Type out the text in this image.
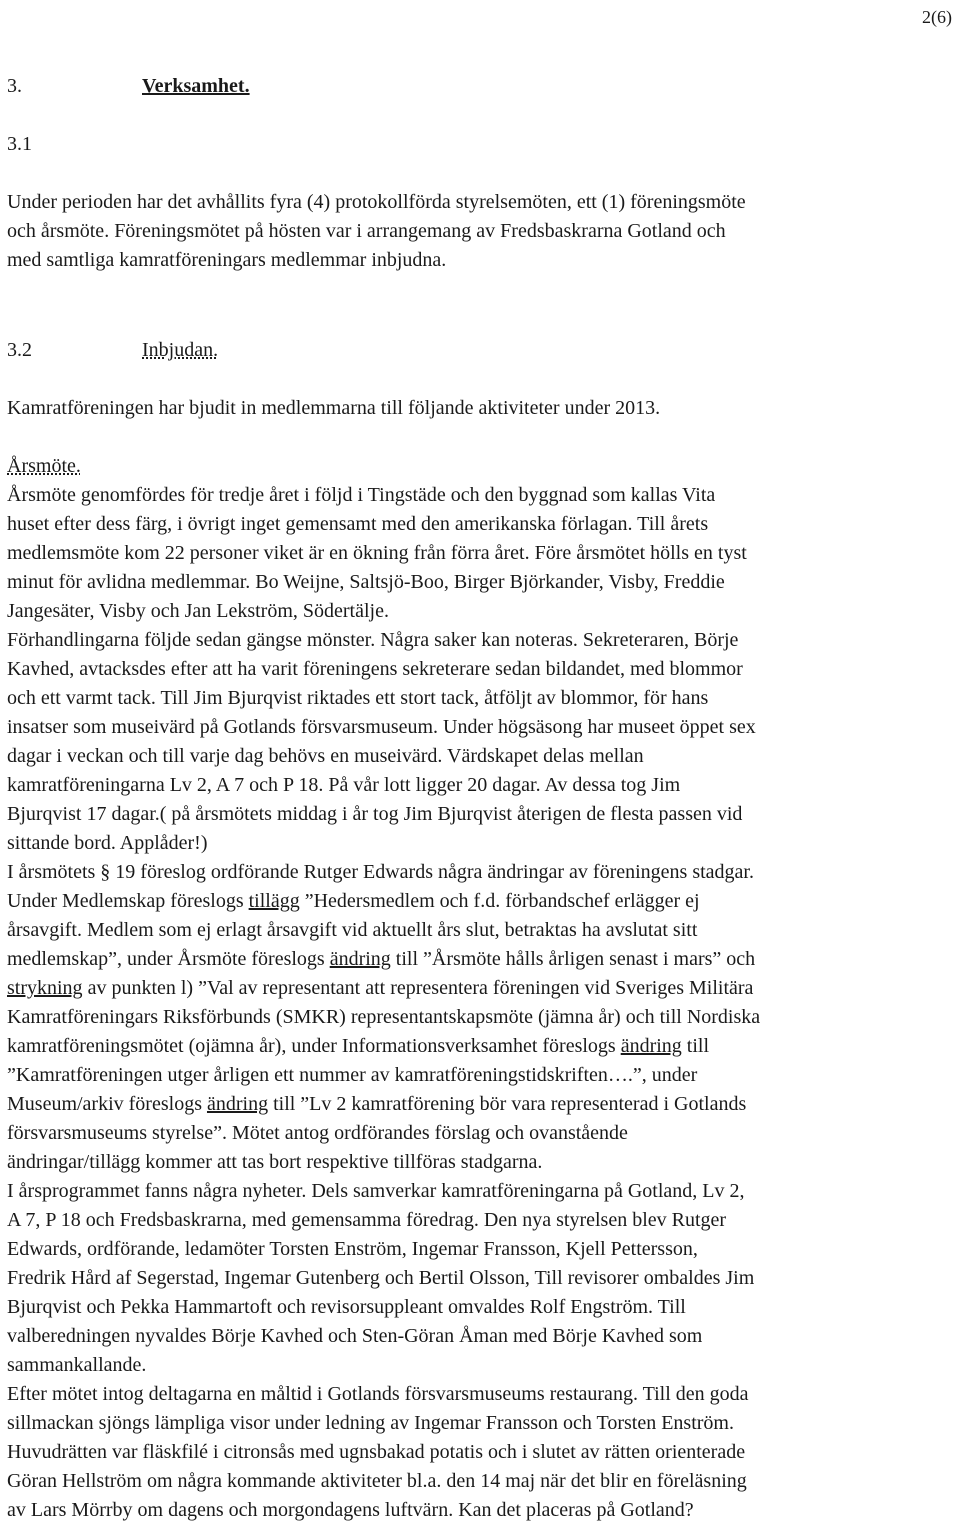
2(6)
3.	Verksamhet.
3.1
Under perioden har det avhållits fyra (4) protokollförda styrelsemöten, ett (1) föreningsmöte
och årsmöte. Föreningsmötet på hösten var i arrangemang av Fredsbaskrarna Gotland och
med samtliga kamratföreningars medlemmar inbjudna.
3.2	Inbjudan.
Kamratföreningen har bjudit in medlemmarna till följande aktiviteter under 2013.
Årsmöte.
Årsmöte genomfördes för tredje året i följd i Tingstäde och den byggnad som kallas Vita
huset efter dess färg, i övrigt inget gemensamt med den amerikanska förlagan. Till årets
medlemsmöte kom 22 personer viket är en ökning från förra året. Före årsmötet hölls en tyst
minut för avlidna medlemmar. Bo Weijne, Saltsjö-Boo, Birger Björkander, Visby, Freddie
Jangesäter, Visby och Jan Lekström, Södertälje.
Förhandlingarna följde sedan gängse mönster. Några saker kan noteras. Sekreteraren, Börje
Kavhed, avtacksdes efter att ha varit föreningens sekreterare sedan bildandet, med blommor
och ett varmt tack. Till Jim Bjurqvist riktades ett stort tack, åtföljt av blommor, för hans
insatser som museivärd på Gotlands försvarsmuseum. Under högsäsong har museet öppet sex
dagar i veckan och till varje dag behövs en museivärd. Värdskapet delas mellan
kamratföreningarna Lv 2, A 7 och P 18. På vår lott ligger 20 dagar. Av dessa tog Jim
Bjurqvist 17 dagar.( på årsmötets middag i år tog Jim Bjurqvist återigen de flesta passen vid
sittande bord. Applåder!)
I årsmötets § 19 föreslog ordförande Rutger Edwards några ändringar av föreningens stadgar.
Under Medlemskap föreslogs tillägg ”Hedersmedlem och f.d. förbandschef erlägger ej
årsavgift. Medlem som ej erlagt årsavgift vid aktuellt års slut, betraktas ha avslutat sitt
medlemskap”, under Årsmöte föreslogs ändring till ”Årsmöte hålls årligen senast i mars” och
strykning av punkten l) ”Val av representant att representera föreningen vid Sveriges Militära
Kamratföreningars Riksförbunds (SMKR) representantskapsmöte (jämna år) och till Nordiska
kamratföreningsmötet (ojämna år), under Informationsverksamhet föreslogs ändring till
”Kamratföreningen utger årligen ett nummer av kamratföreningstidskriften….”, under
Museum/arkiv föreslogs ändring till ”Lv 2 kamratförening bör vara representerad i Gotlands
försvarsmuseums styrelse”. Mötet antog ordförandes förslag och ovanstående
ändringar/tillägg kommer att tas bort respektive tillföras stadgarna.
I årsprogrammet fanns några nyheter. Dels samverkar kamratföreningarna på Gotland, Lv 2,
A 7, P 18 och Fredsbaskrarna, med gemensamma föredrag. Den nya styrelsen blev Rutger
Edwards, ordförande, ledamöter Torsten Enström, Ingemar Fransson, Kjell Pettersson,
Fredrik Hård af Segerstad, Ingemar Gutenberg och Bertil Olsson, Till revisorer ombaldes Jim
Bjurqvist och Pekka Hammartoft och revisorsuppleant omvaldes Rolf Engström. Till
valberedningen nyvaldes Börje Kavhed och Sten-Göran Åman med Börje Kavhed som
sammankallande.
Efter mötet intog deltagarna en måltid i Gotlands försvarsmuseums restaurang. Till den goda
sillmackan sjöngs lämpliga visor under ledning av Ingemar Fransson och Torsten Enström.
Huvudrätten var fläskfilé i citronsås med ugnsbakad potatis och i slutet av rätten orienterade
Göran Hellström om några kommande aktiviteter bl.a. den 14 maj när det blir en föreläsning
av Lars Mörrby om dagens och morgondagens luftvärn. Kan det placeras på Gotland?
